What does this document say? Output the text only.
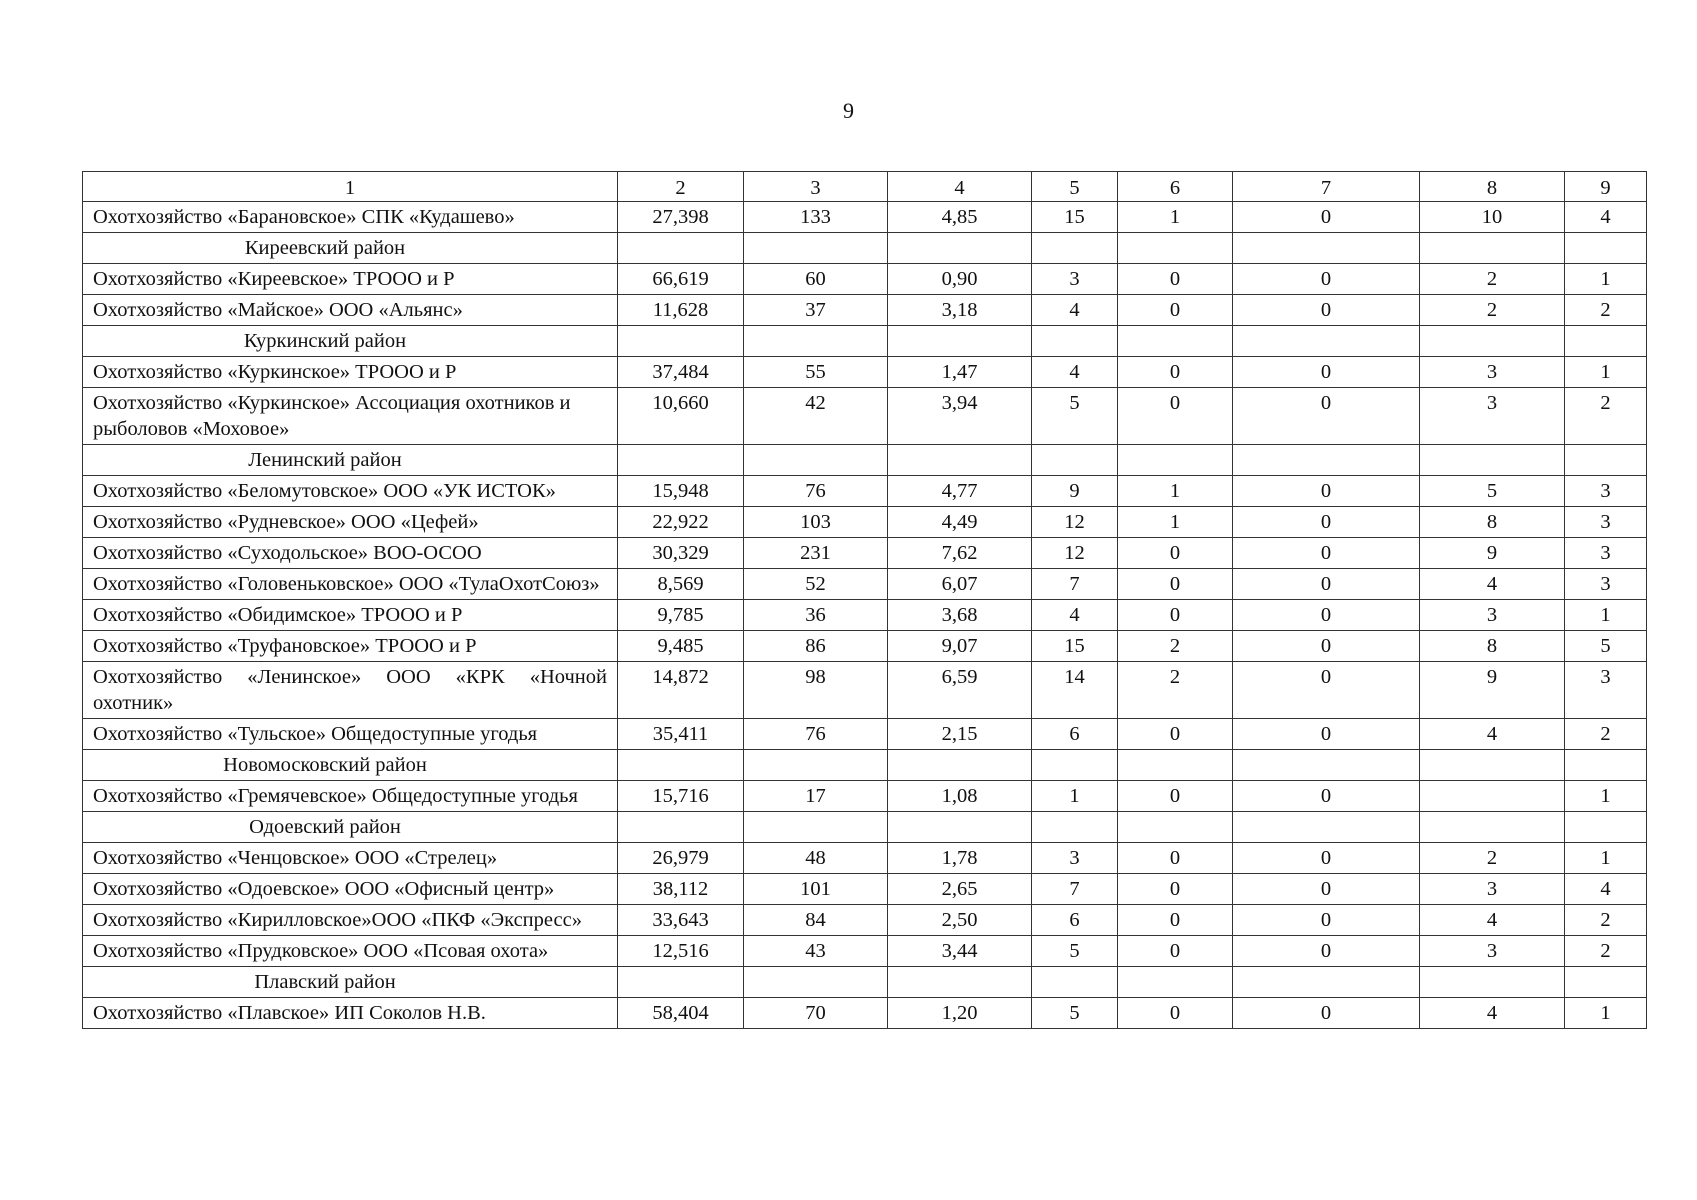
9
1	2	3	4	5	6	7	8	9
Охотхозяйство «Барановское» СПК «Кудашево»	27,398	133	4,85	15	1	0	10	4
Киреевский район								
Охотхозяйство «Киреевское» ТРООО и Р	66,619	60	0,90	3	0	0	2	1
Охотхозяйство «Майское» ООО «Альянс»	11,628	37	3,18	4	0	0	2	2
Куркинский район								
Охотхозяйство «Куркинское» ТРООО и Р	37,484	55	1,47	4	0	0	3	1
Охотхозяйство «Куркинское» Ассоциация охотников и рыболовов «Моховое»	10,660	42	3,94	5	0	0	3	2
Ленинский район								
Охотхозяйство «Беломутовское» ООО «УК ИСТОК»	15,948	76	4,77	9	1	0	5	3
Охотхозяйство «Рудневское» ООО «Цефей»	22,922	103	4,49	12	1	0	8	3
Охотхозяйство «Суходольское» ВОО-ОСОО	30,329	231	7,62	12	0	0	9	3
Охотхозяйство «Головеньковское» ООО «ТулаОхотСоюз»	8,569	52	6,07	7	0	0	4	3
Охотхозяйство «Обидимское» ТРООО и Р	9,785	36	3,68	4	0	0	3	1
Охотхозяйство «Труфановское» ТРООО и Р	9,485	86	9,07	15	2	0	8	5
Охотхозяйство «Ленинское» ООО «КРК «Ночной охотник»	14,872	98	6,59	14	2	0	9	3
Охотхозяйство «Тульское» Общедоступные угодья	35,411	76	2,15	6	0	0	4	2
Новомосковский район								
Охотхозяйство «Гремячевское» Общедоступные угодья	15,716	17	1,08	1	0	0		1
Одоевский район								
Охотхозяйство «Ченцовское» ООО «Стрелец»	26,979	48	1,78	3	0	0	2	1
Охотхозяйство «Одоевское» ООО «Офисный центр»	38,112	101	2,65	7	0	0	3	4
Охотхозяйство «Кирилловское»ООО «ПКФ «Экспресс»	33,643	84	2,50	6	0	0	4	2
Охотхозяйство «Прудковское» ООО «Псовая охота»	12,516	43	3,44	5	0	0	3	2
Плавский район								
Охотхозяйство «Плавское» ИП Соколов Н.В.	58,404	70	1,20	5	0	0	4	1
